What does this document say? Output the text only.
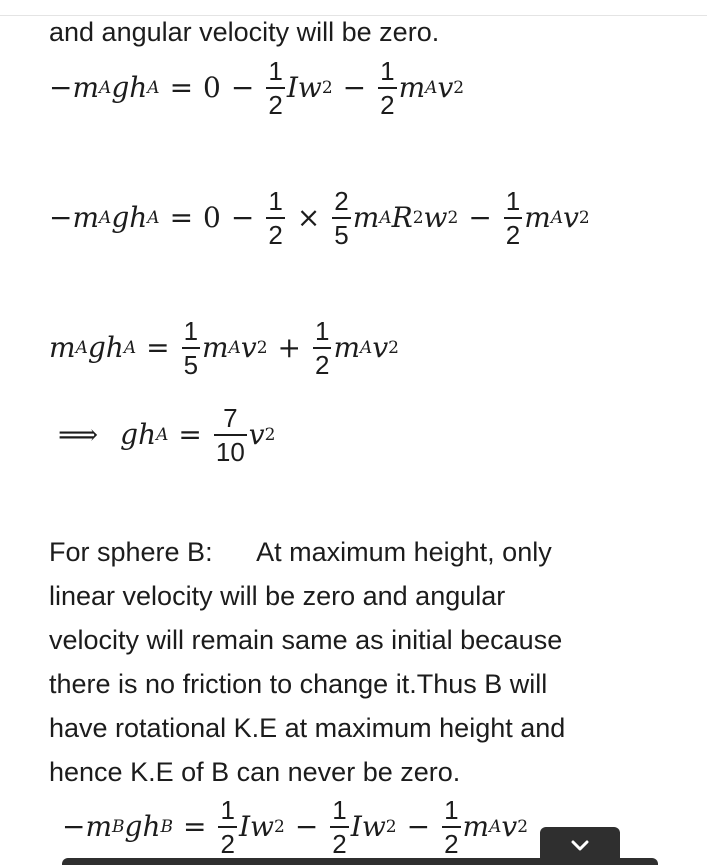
and angular velocity will be zero.
− m A g h $A = 0 - \frac{1}{2}$ I w $2 - \frac{1}{2}$ m A v 2
− m A g h $A = 0 - \frac{1}{2} \times \frac{2}{5}$ m A R 2 w $2 - \frac{1}{2}$ m A v 2
m A g h $A = \frac{1}{5}$ m A v $2 + \frac{1}{2}$ m A v 2
⟹ g h $A = \frac{7}{10}$ v 2
For sphere B:      At maximum height, only
linear velocity will be zero and angular
velocity will remain same as initial because
there is no friction to change it.Thus B will
have rotational K.E at maximum height and
hence K.E of B can never be zero.
− m B g h $B = \frac{1}{2}$ I w $2 - \frac{1}{2}$ I w $2 - \frac{1}{2}$ m A v 2
